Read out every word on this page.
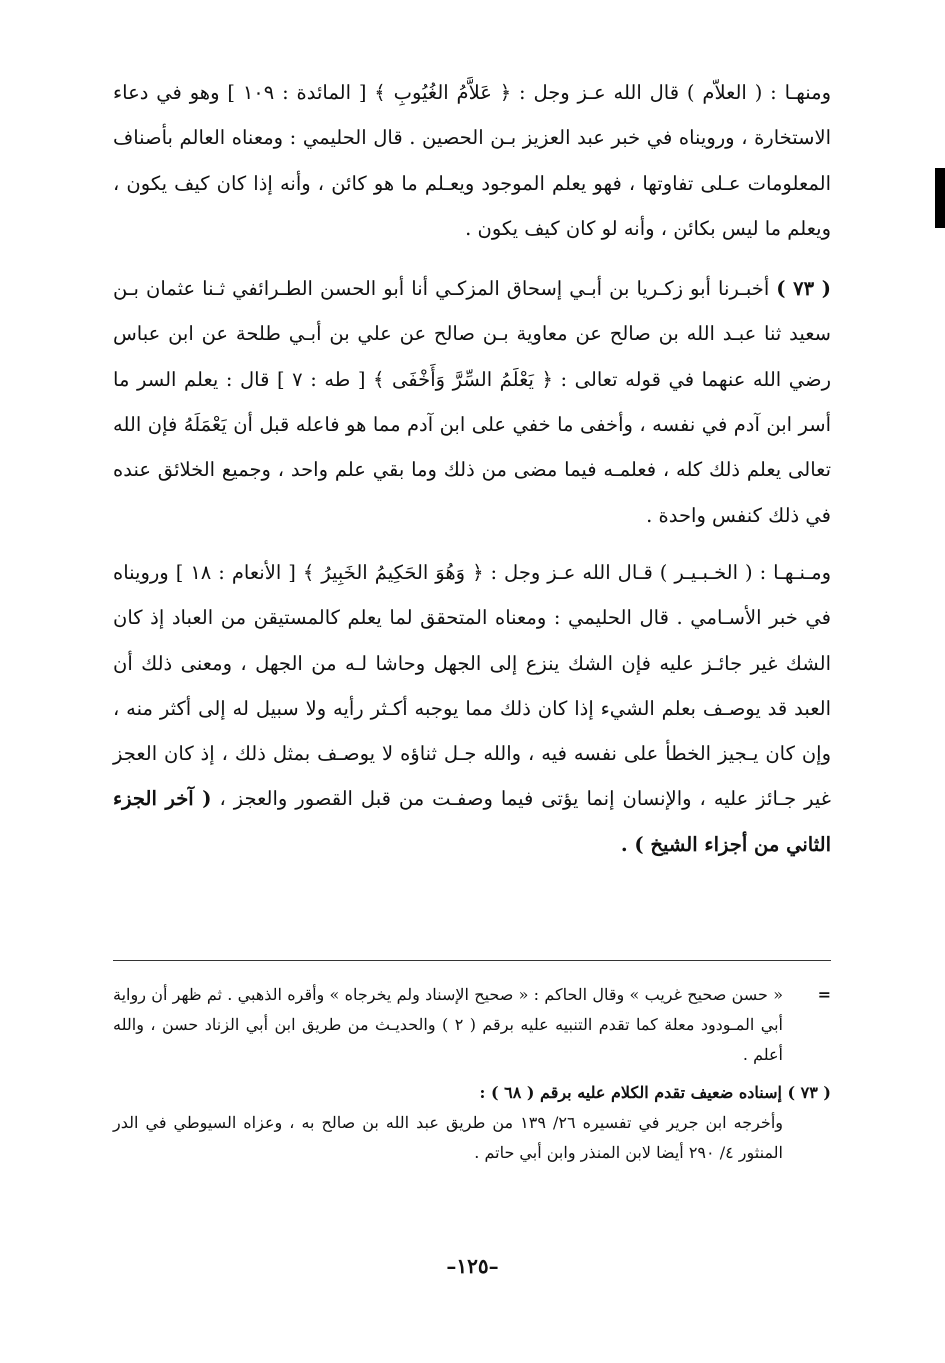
ومنهـا : ( العلاّم ) قال الله عـز وجل : ﴿ عَلاَّمُ الغُيُوبِ ﴾ [ المائدة : ١٠٩ ] وهو في دعاء الاستخارة ، ورويناه في خبر عبد العزيز بـن الحصين . قال الحليمي : ومعناه العالم بأصناف المعلومات عـلى تفاوتها ، فهو يعلم الموجود ويعـلم ما هو كائن ، وأنه إذا كان كيف يكون ، ويعلم ما ليس بكائن ، وأنه لو كان كيف يكون .

( ٧٣ ) أخبـرنا أبو زكـريا بن أبـي إسحاق المزكـي أنا أبو الحسن الطـرائفي ثـنا عثمان بـن سعيد ثنا عبـد الله بن صالح عن معاوية بـن صالح عن علي بن أبـي طلحة عن ابن عباس رضي الله عنهما في قوله تعالى : ﴿ يَعْلَمُ السِّرَّ وَأَخْفَى ﴾ [ طه : ٧ ] قال : يعلم السر ما أسر ابن آدم في نفسه ، وأخفى ما خفي على ابن آدم مما هو فاعله قبل أن يَعْمَلَهُ فإن الله تعالى يعلم ذلك كله ، فعلمـه فيما مضى من ذلك وما بقي علم واحد ، وجميع الخلائق عنده في ذلك كنفس واحدة .

ومـنـهـا : ( الخـبـيـر ) قـال الله عـز وجل : ﴿ وَهُوَ الحَكِيمُ الخَبِيرُ ﴾ [ الأنعام : ١٨ ] ورويناه في خبر الأسـامي . قال الحليمي : ومعناه المتحقق لما يعلم كالمستيقن من العباد إذ كان الشك غير جائـز عليه فإن الشك ينزع إلى الجهل وحاشا لـه من الجهل ، ومعنى ذلك أن العبد قد يوصـف بعلم الشيء إذا كان ذلك مما يوجبه أكـثر رأيه ولا سبيل له إلى أكثر منه ، وإن كان يـجيز الخطأ على نفسه فيه ، والله جـل ثناؤه لا يوصـف بمثل ذلك ، إذ كان العجز غير جـائز عليه ، والإنسان إنما يؤتى فيما وصفـت من قبل القصور والعجز ، ( آخر الجزء الثاني من أجزاء الشيخ ) .

=
« حسن صحيح غريب » وقال الحاكم : « صحيح الإسناد ولم يخرجاه » وأقره الذهبي . ثم ظهر أن رواية أبي المـودود معلة كما تقدم التنبيه عليه برقم ( ٢ ) والحديـث من طريق ابن أبي الزناد حسن ، والله أعلم .
( ٧٣ ) إسناده ضعيف تقدم الكلام عليه برقم ( ٦٨ ) :
وأخرجه ابن جرير في تفسيره ٢٦/ ١٣٩ من طريق عبد الله بن صالح به ، وعزاه السيوطي في الدر المنثور ٤/ ٢٩٠ أيضا لابن المنذر وابن أبي حاتم .
–١٢٥–
